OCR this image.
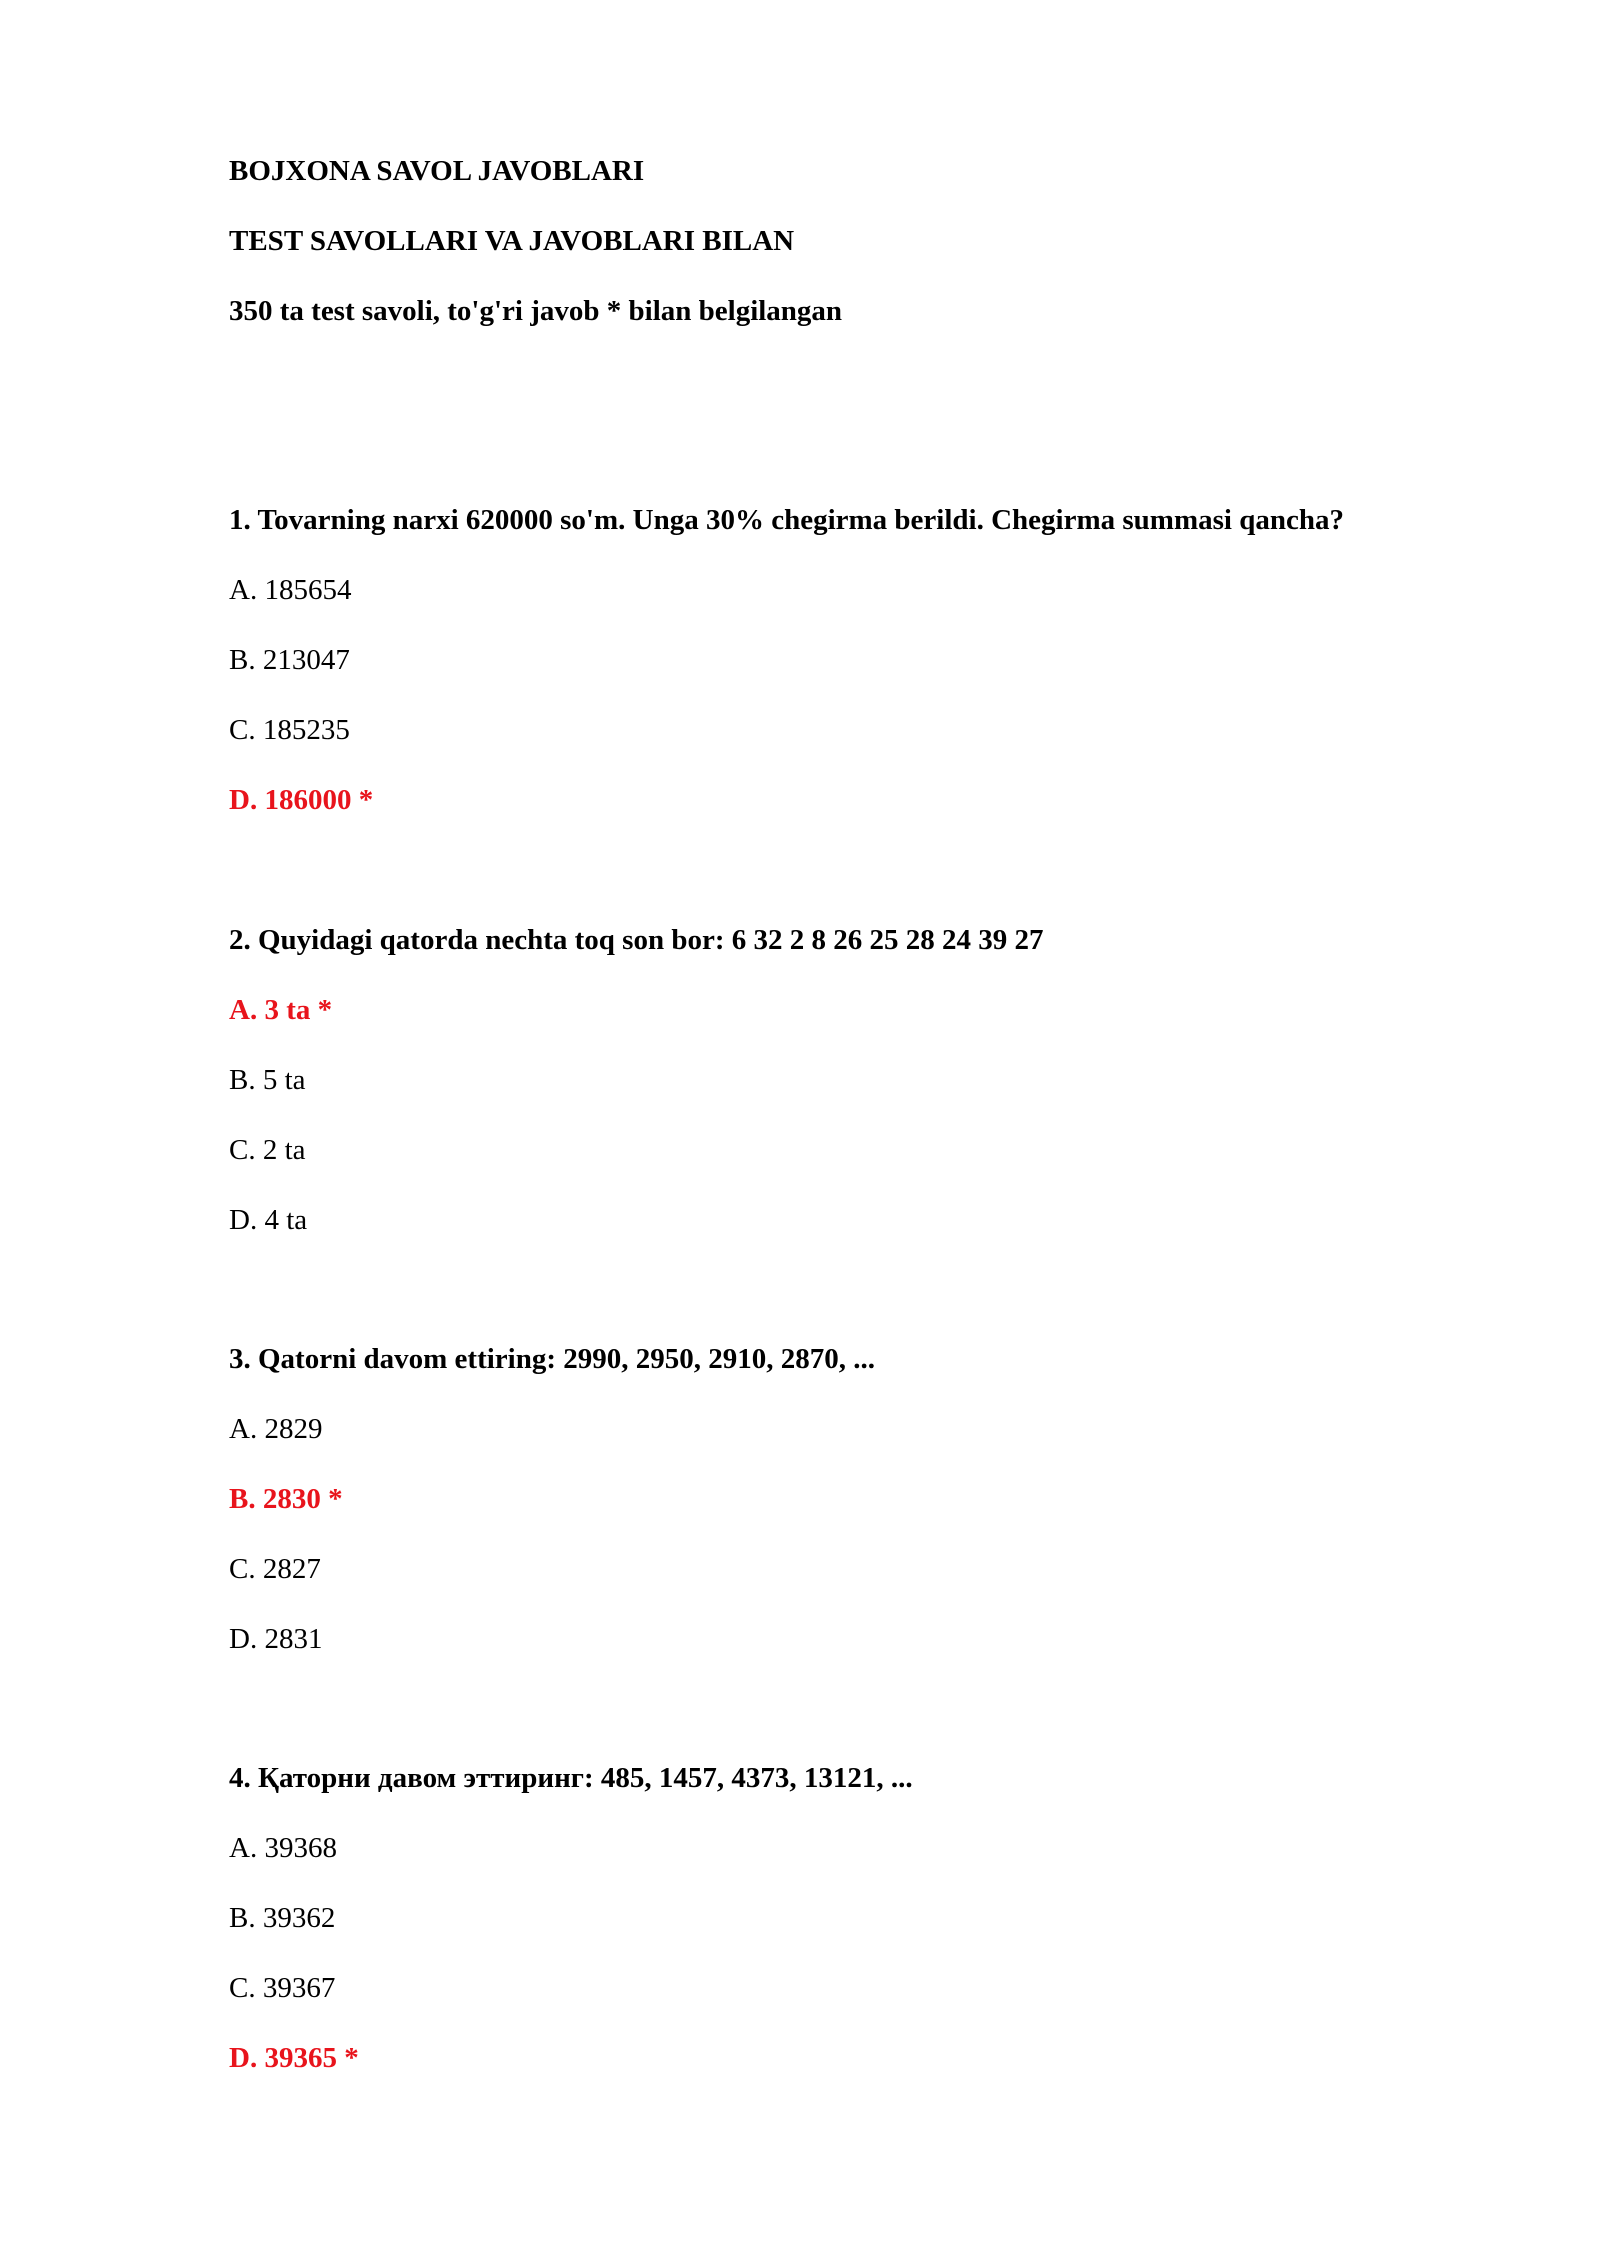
BOJXONA SAVOL JAVOBLARI
TEST SAVOLLARI VA JAVOBLARI BILAN
350 ta test savoli, to'g'ri javob * bilan belgilangan
1. Tovarning narxi 620000 so'm. Unga 30% chegirma berildi. Chegirma summasi qancha?
A. 185654
B. 213047
C. 185235
D. 186000 *
2. Quyidagi qatorda nechta toq son bor: 6 32 2 8 26 25 28 24 39 27
A. 3 ta *
B. 5 ta
C. 2 ta
D. 4 ta
3. Qatorni davom ettiring: 2990, 2950, 2910, 2870, ...
A. 2829
B. 2830 *
C. 2827
D. 2831
4. Қаторни давом эттиринг: 485, 1457, 4373, 13121, ...
A. 39368
B. 39362
C. 39367
D. 39365 *
